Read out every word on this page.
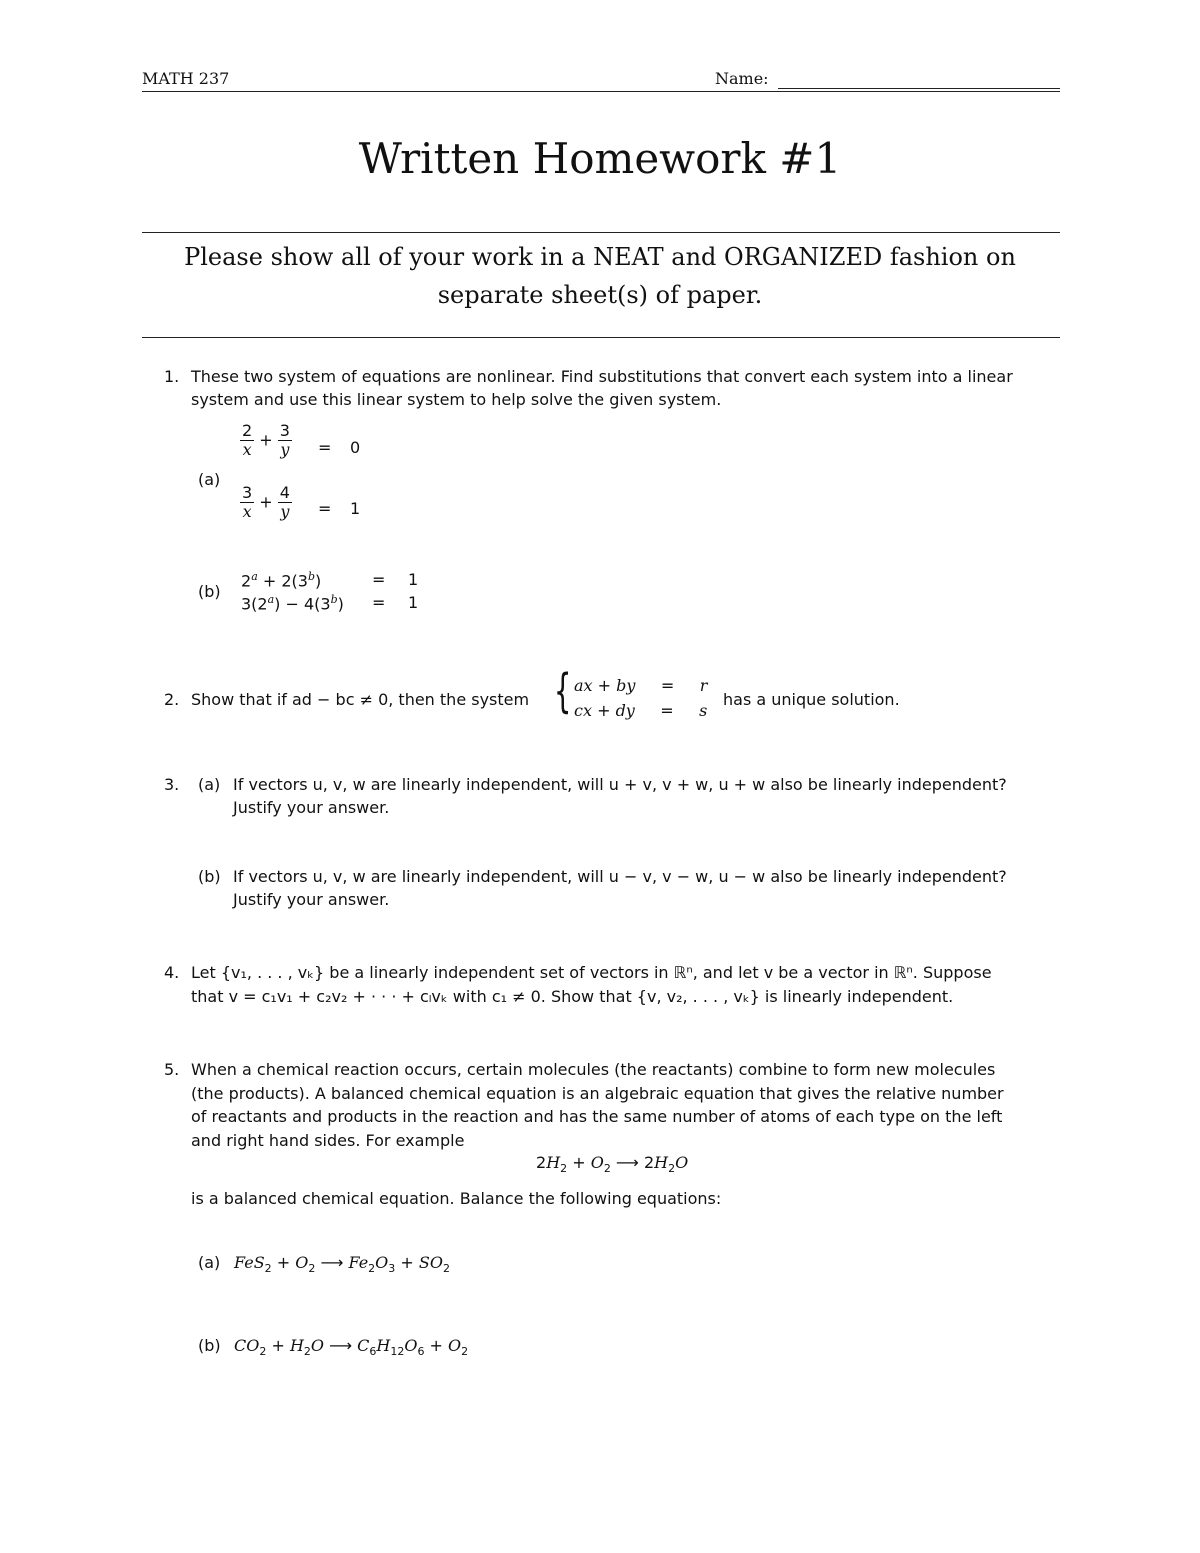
MATH 237	Name:
Written Homework #1
Please show all of your work in a NEAT and ORGANIZED fashion on
separate sheet(s) of paper.
1. These two system of equations are nonlinear. Find substitutions that convert each system into a linear
system and use this linear system to help solve the given system.
(a)
$\frac{2}{x} + \frac{3}{y} = 0$
$\frac{3}{x} + \frac{4}{y} = 1$
(b)
$2^a + 2(3^b)$	= 1
$3(2^a) - 4(3^b) = 1$
2. Show that if ad − bc ≠ 0, then the system { ax + by     =     r
cx + dy     =     s
has a unique solution.
3. (a) If vectors u, v, w are linearly independent, will u + v, v + w, u + w also be linearly independent?
Justify your answer.
(b) If vectors u, v, w are linearly independent, will u − v, v − w, u − w also be linearly independent?
Justify your answer.
4. Let {v₁, . . . , vₖ} be a linearly independent set of vectors in ℝⁿ, and let v be a vector in ℝⁿ. Suppose
that v = c₁v₁ + c₂v₂ + · · · + cₗvₖ with c₁ ≠ 0. Show that {v, v₂, . . . , vₖ} is linearly independent.
5. When a chemical reaction occurs, certain molecules (the reactants) combine to form new molecules
(the products). A balanced chemical equation is an algebraic equation that gives the relative number
of reactants and products in the reaction and has the same number of atoms of each type on the left
and right hand sides. For example
$2H_2 + O_2$ ⟶ $2H_2O$
is a balanced chemical equation. Balance the following equations:
(a) $FeS_2 + O_2$ ⟶ $Fe_2O_3 + SO_2$
(b) $CO_2 + H_2O$ ⟶ $C_6H_{12}O_6 + O_2$
